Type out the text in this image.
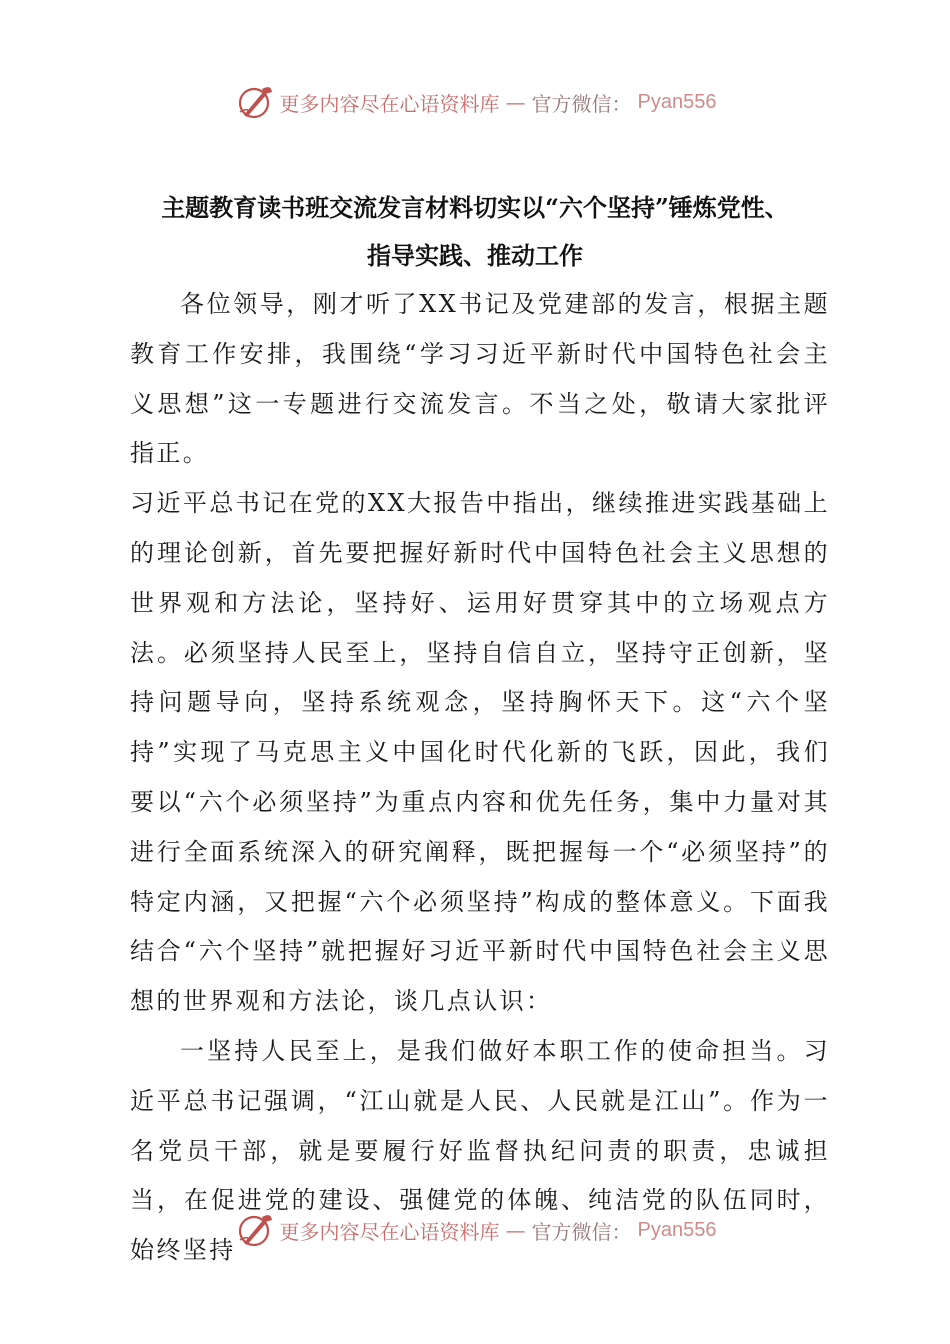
更多内容尽在心语资料库 — 官方微信： Pyan556
主题教育读书班交流发言材料切实以“六个坚持”锤炼党性、
指导实践、推动工作

各位领导，刚才听了XX书记及党建部的发言，根据主题教育工作安排，我围绕“学习习近平新时代中国特色社会主义思想”这一专题进行交流发言。不当之处，敬请大家批评指正。

习近平总书记在党的XX大报告中指出，继续推进实践基础上的理论创新，首先要把握好新时代中国特色社会主义思想的世界观和方法论，坚持好、运用好贯穿其中的立场观点方法。必须坚持人民至上，坚持自信自立，坚持守正创新，坚持问题导向，坚持系统观念，坚持胸怀天下。这“六个坚持”实现了马克思主义中国化时代化新的飞跃，因此，我们要以“六个必须坚持”为重点内容和优先任务，集中力量对其进行全面系统深入的研究阐释，既把握每一个“必须坚持”的特定内涵，又把握“六个必须坚持”构成的整体意义。下面我结合“六个坚持”就把握好习近平新时代中国特色社会主义思想的世界观和方法论，谈几点认识：

一坚持人民至上，是我们做好本职工作的使命担当。习近平总书记强调，“江山就是人民、人民就是江山”。作为一名党员干部，就是要履行好监督执纪问责的职责，忠诚担当，在促进党的建设、强健党的体魄、纯洁党的队伍同时，始终坚持

更多内容尽在心语资料库 — 官方微信： Pyan556
